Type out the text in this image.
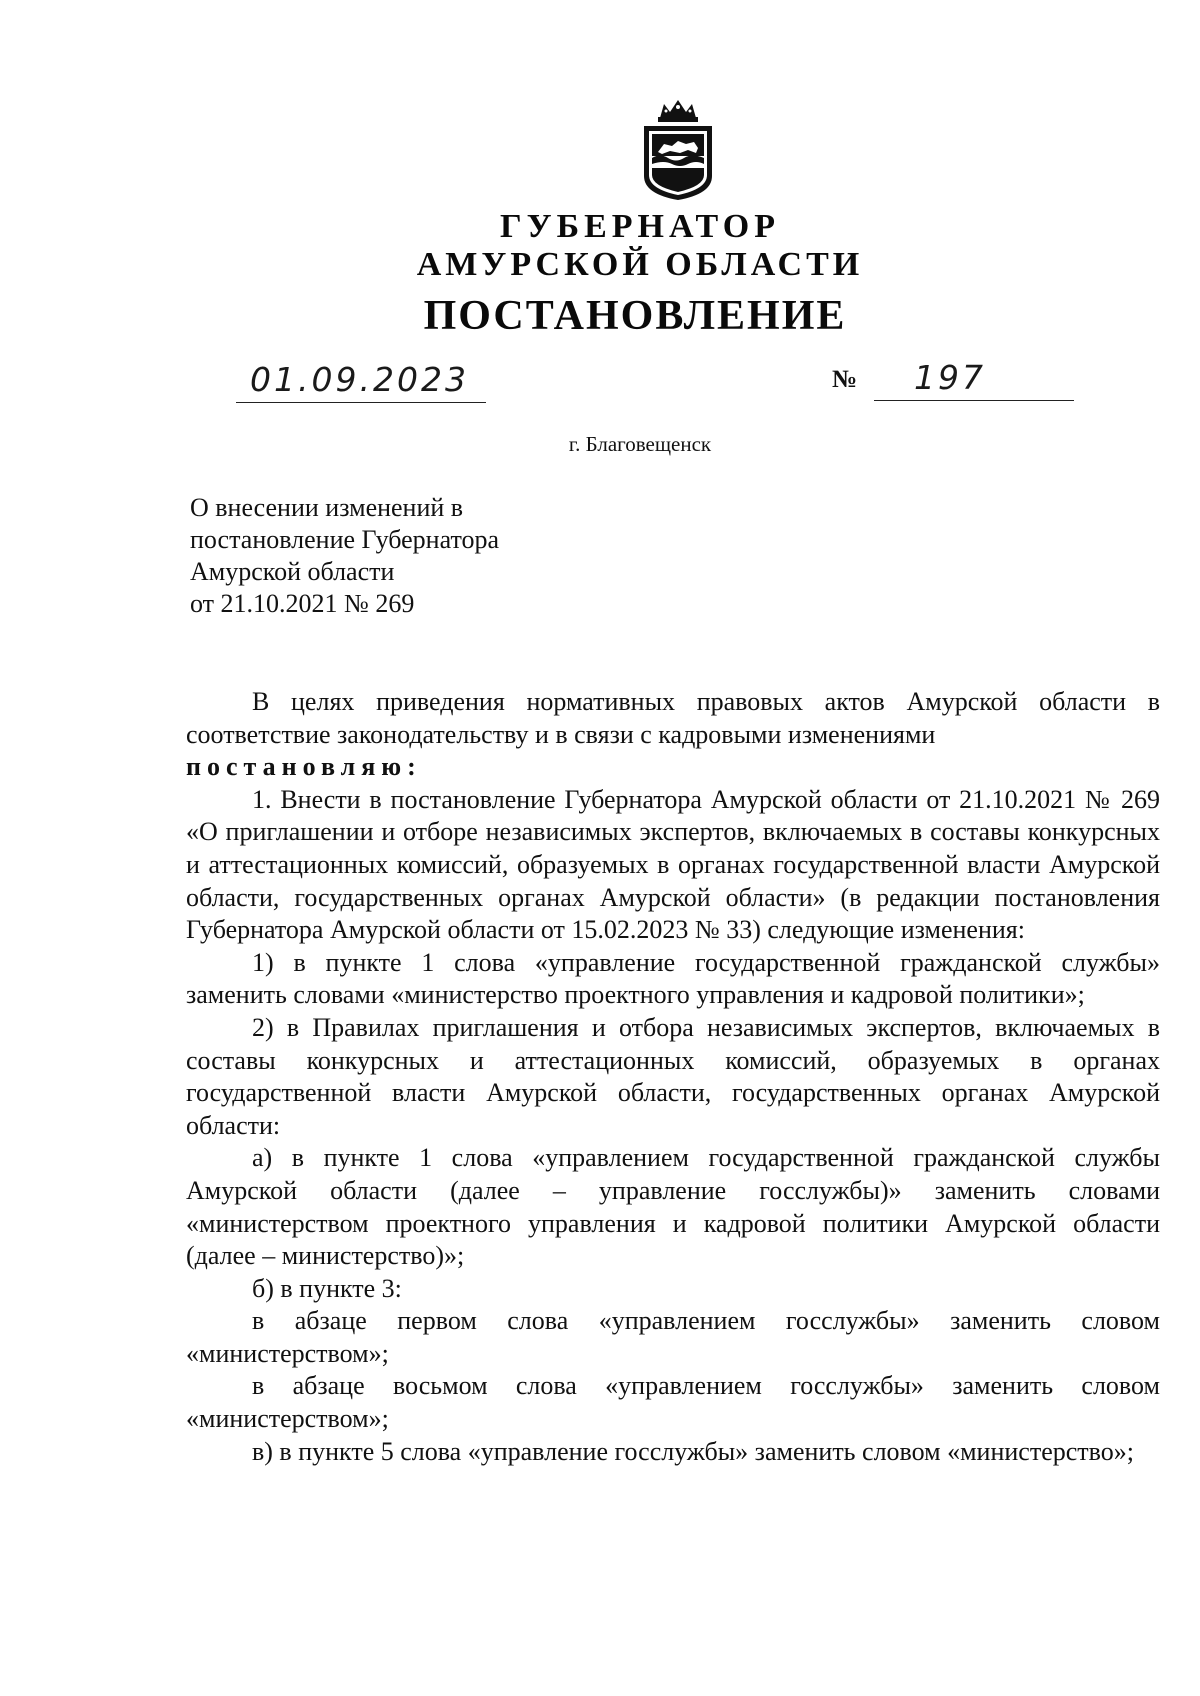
ГУБЕРНАТОР
АМУРСКОЙ ОБЛАСТИ
ПОСТАНОВЛЕНИЕ
01.09.2023	№ 197
г. Благовещенск
О внесении изменений в
постановление Губернатора
Амурской области
от 21.10.2021 № 269

В целях приведения нормативных правовых актов Амурской области в соответствие законодательству и в связи с кадровыми изменениями

постановляю:

1. Внести в постановление Губернатора Амурской области от 21.10.2021 № 269 «О приглашении и отборе независимых экспертов, включаемых в составы конкурсных и аттестационных комиссий, образуемых в органах государственной власти Амурской области, государственных органах Амурской области» (в редакции постановления Губернатора Амурской области от 15.02.2023 № 33) следующие изменения:

1) в пункте 1 слова «управление государственной гражданской службы» заменить словами «министерство проектного управления и кадровой политики»;

2) в Правилах приглашения и отбора независимых экспертов, включаемых в составы конкурсных и аттестационных комиссий, образуемых в органах государственной власти Амурской области, государственных органах Амурской области:

а) в пункте 1 слова «управлением государственной гражданской службы Амурской области (далее – управление госслужбы)» заменить словами «министерством проектного управления и кадровой политики Амурской области (далее – министерство)»;

б) в пункте 3:

в абзаце первом слова «управлением госслужбы» заменить словом «министерством»;

в абзаце восьмом слова «управлением госслужбы» заменить словом «министерством»;

в) в пункте 5 слова «управление госслужбы» заменить словом «министерство»;
